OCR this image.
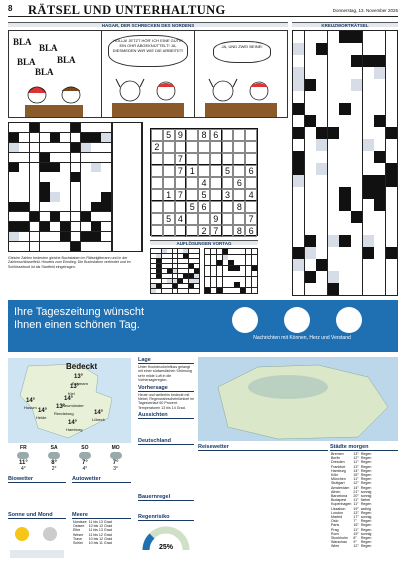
8 RÄTSEL UND UNTERHALTUNG	Donnerstag, 13. November 2025
HAGAR, DER SCHRECKEN DES NORDENS	KREUZWORTRÄTSEL
BLA
BLA
BLA
BLA
BLA
HOLLA! JETZT HÖR' ICH EINE GUTE! EIN OHR ABGEKNÜTTELT! JA, DIESMEDEN WIR WIE DIE ARBEITET!
JA, UND ZWEI BEINE!
5 9	8 6
2
7
7 1	5	6
4	6
1 7	5	3	4
5 6	8
5 4	9	7
2 7	8 6
AUFLÖSUNGEN VORTAG
Gleiche Zahlen bedeuten gleiche Buchstaben im Rätselgitterann und in der Zahlenschlüsselfeld. Hinweis zum Einstieg: Die Buchstaben verbindet und im Schlüsselwort ist als Startfeld eingetragen.

Ihre Tageszeitung wünscht
Ihnen einen schönen Tag.

Nachrichten mit Können, Herz und Verstand
Bedeckt
13°
Fehmarn
13°
Kiel
14°
Husum
14°
Heide
13°
Rendsburg
14°
Hamburg
14°
Lübeck
14°
Neumünster
FR
11°
4°
SA
8°
2°
SO
7°
4°
MO
7°
3°
Biowetter	Autowetter
Sonne und Mond	Meere
Nordsee	11 bis 13 Grad
Ostsee	10 bis 12 Grad
Elbe	11 bis 13 Grad
Weser	11 bis 12 Grad
Trave	10 bis 12 Grad
Schlei	10 bis 11 Grad
Lage
Unter Hochdruckeinfluss gelangt mit einer südwestlichen Strömung sehr milde Luft in die Vorhersageregion.
Vorhersage
Heute und weiterhin bedeckt mit Nebel, Regenwahrscheinlichkeit im Tagesverlauf 60 Prozent. Temperaturen 13 bis 14 Grad.
Aussichten
Deutschland
Bauernregel
Regenrisiko
25%
Reisewetter	Städte morgen
Bremen	13°	Regen
Berlin	12°	Regen
Dresden	11°	Regen
Frankfurt	13°	Regen
Hamburg	14°	Regen
Köln	15°	Regen
München	11°	Regen
Stuttgart	12°	Regen
Amsterdam	14°	Regen
Athen	21°	sonnig
Barcelona	20°	sonnig
Budapest	11°	Nebel
Kopenhagen	11°	Regen
Lissabon	19°	wolkig
London	13°	Regen
Madrid	17°	sonnig
Oslo	7°	Regen
Paris	15°	Regen
Prag	11°	Regen
Rom	19°	sonnig
Stockholm	8°	Regen
Warschau	9°	Regen
Wien	12°	Regen
